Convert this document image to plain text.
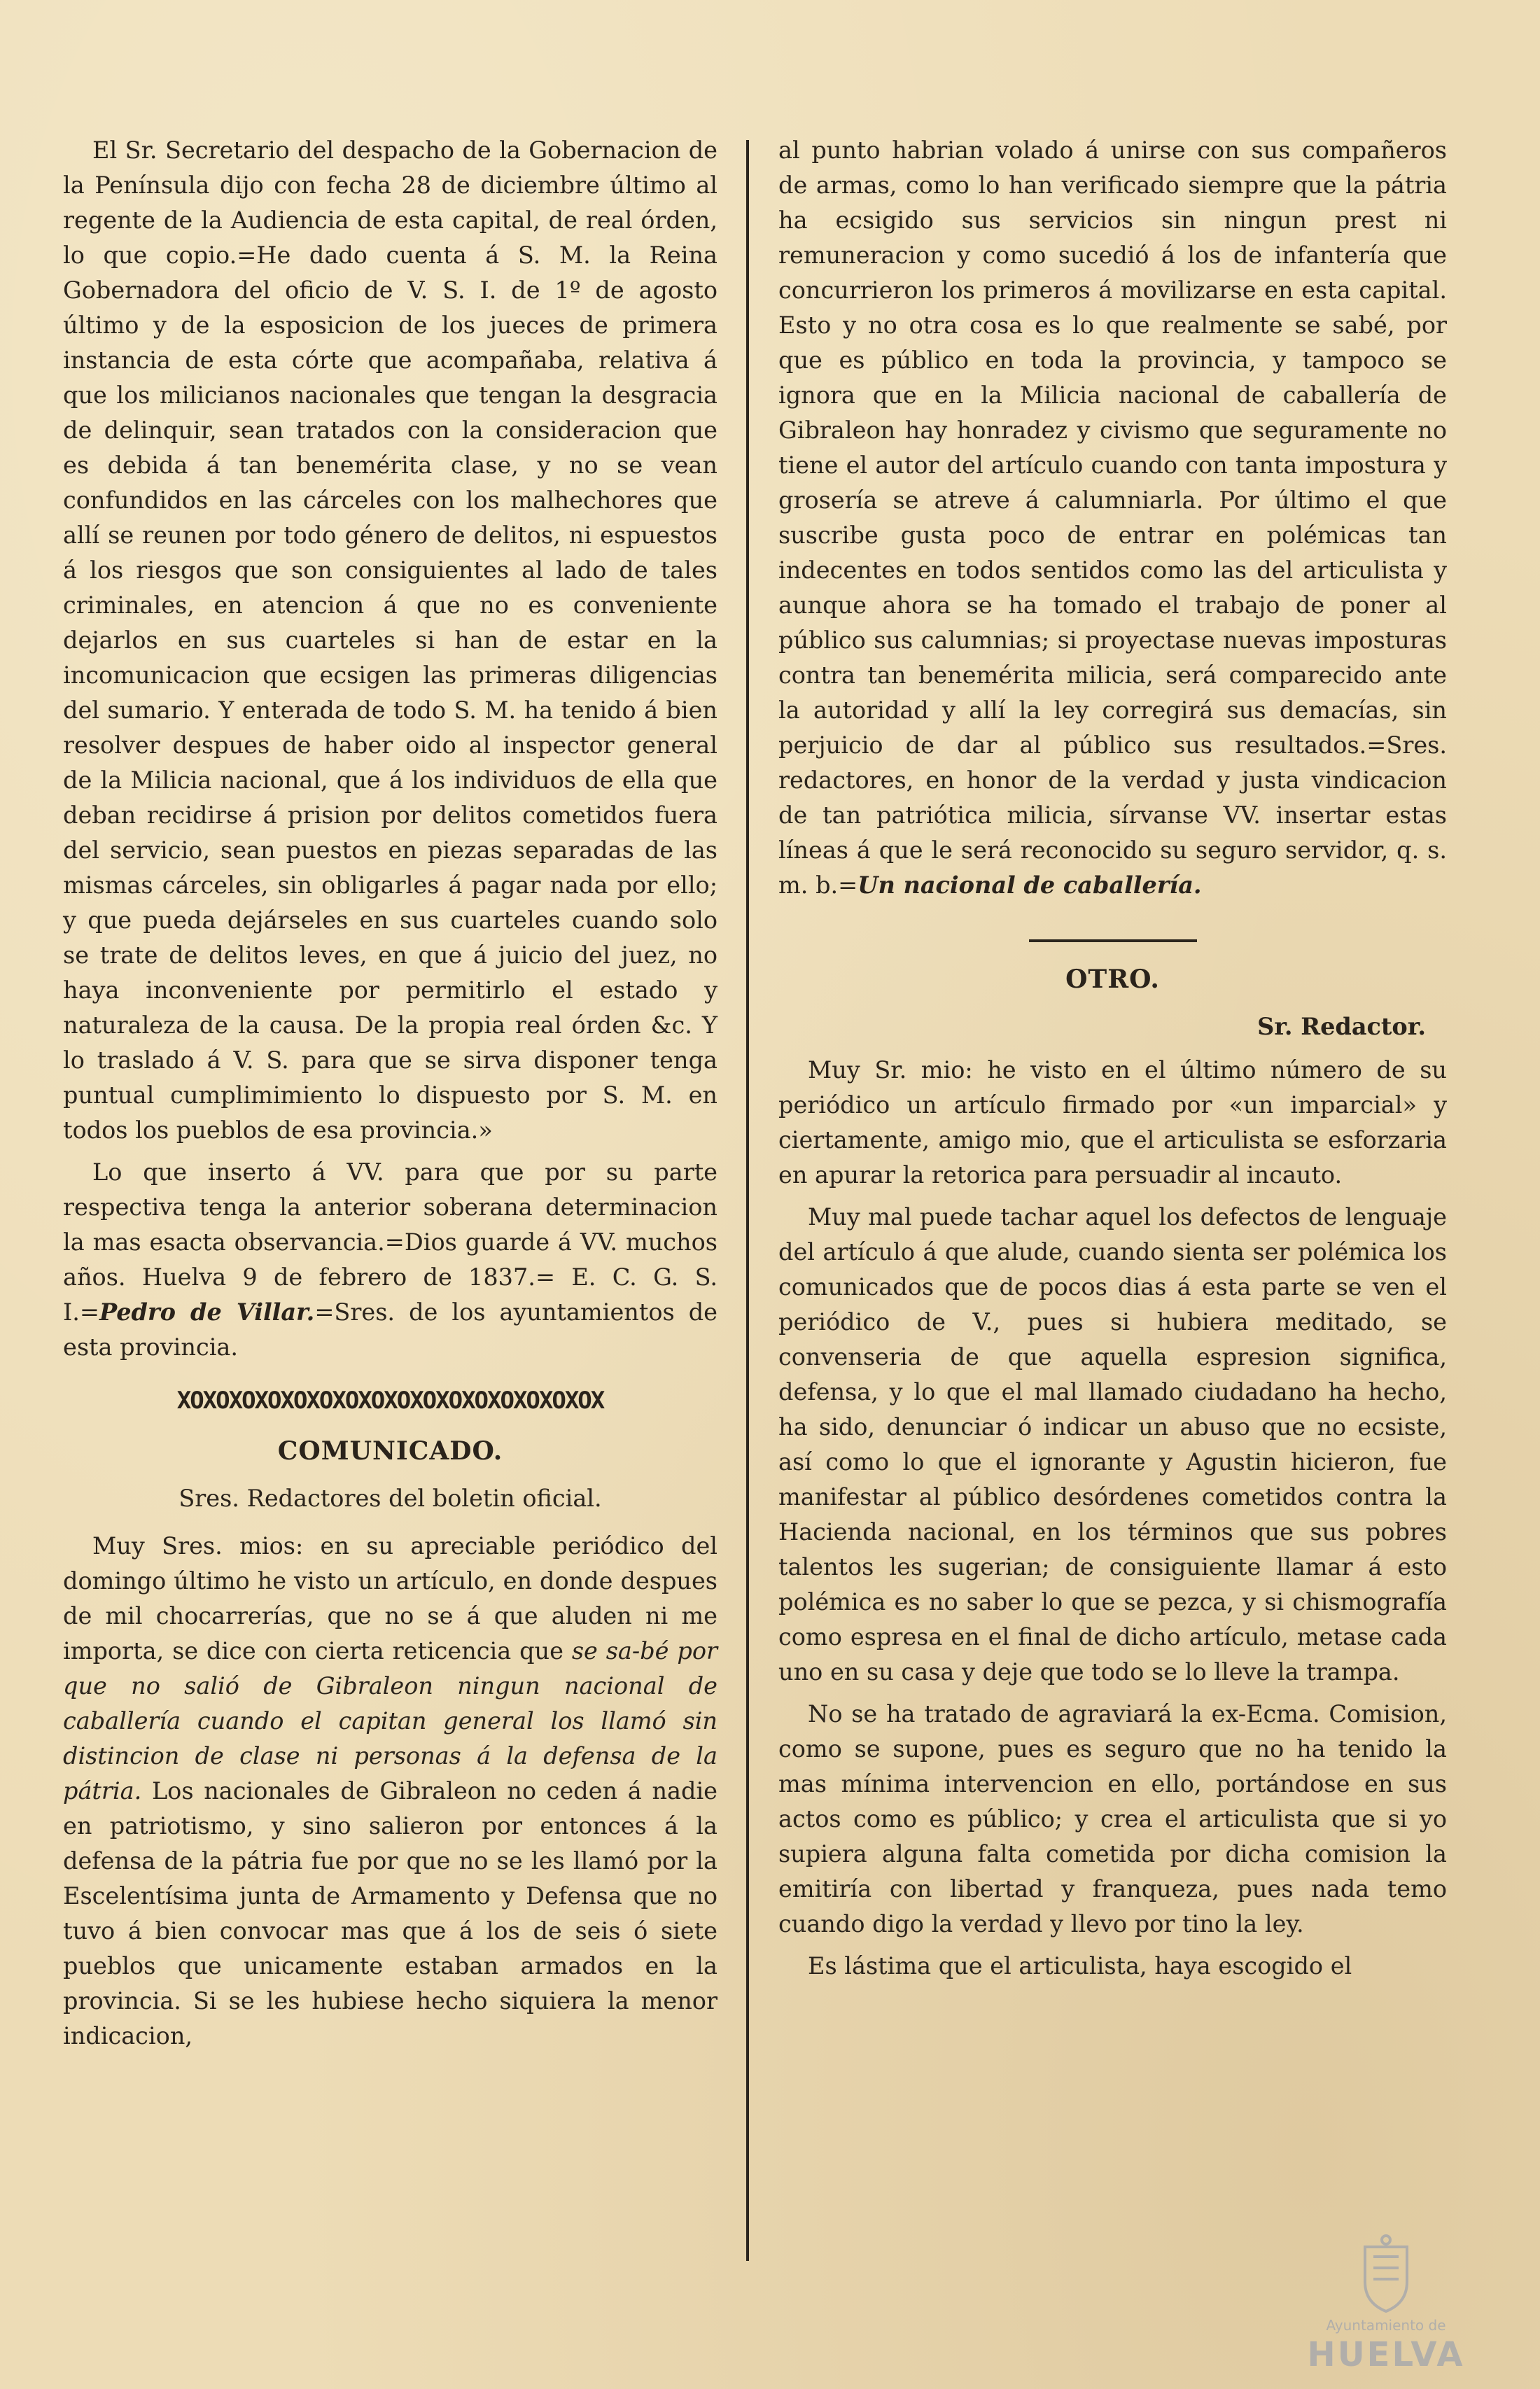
El Sr. Secretario del despacho de la Gobernacion de la Península dijo con fecha 28 de diciembre último al regente de la Audiencia de esta capital, de real órden, lo que copio.=He dado cuenta á S. M. la Reina Gobernadora del oficio de V. S. I. de 1º de agosto último y de la esposicion de los jueces de primera instancia de esta córte que acompañaba, relativa á que los milicianos nacionales que tengan la desgracia de delinquir, sean tratados con la consideracion que es debida á tan benemérita clase, y no se vean confundidos en las cárceles con los malhechores que allí se reunen por todo género de delitos, ni espuestos á los riesgos que son consiguientes al lado de tales criminales, en atencion á que no es conveniente dejarlos en sus cuarteles si han de estar en la incomunicacion que ecsigen las primeras diligencias del sumario. Y enterada de todo S. M. ha tenido á bien resolver despues de haber oido al inspector general de la Milicia nacional, que á los individuos de ella que deban recidirse á prision por delitos cometidos fuera del servicio, sean puestos en piezas separadas de las mismas cárceles, sin obligarles á pagar nada por ello; y que pueda dejárseles en sus cuarteles cuando solo se trate de delitos leves, en que á juicio del juez, no haya inconveniente por permitirlo el estado y naturaleza de la causa. De la propia real órden &c. Y lo traslado á V. S. para que se sirva disponer tenga puntual cumplimimiento lo dispuesto por S. M. en todos los pueblos de esa provincia.»

Lo que inserto á VV. para que por su parte respectiva tenga la anterior soberana determinacion la mas esacta observancia.=Dios guarde á VV. muchos años. Huelva 9 de febrero de 1837.= E. C. G. S. I.=Pedro de Villar.=Sres. de los ayuntamientos de esta provincia.

XOXOXOXOXOXOXOXOXOXOXOXOXOXOXOXOX
COMUNICADO.
Sres. Redactores del boletin oficial.

Muy Sres. mios: en su apreciable periódico del domingo último he visto un artículo, en donde despues de mil chocarrerías, que no se á que aluden ni me importa, se dice con cierta reticencia que se sa-bé por que no salió de Gibraleon ningun nacional de caballería cuando el capitan general los llamó sin distincion de clase ni personas á la defensa de la pátria. Los nacionales de Gibraleon no ceden á nadie en patriotismo, y sino salieron por entonces á la defensa de la pátria fue por que no se les llamó por la Escelentísima junta de Armamento y Defensa que no tuvo á bien convocar mas que á los de seis ó siete pueblos que unicamente estaban armados en la provincia. Si se les hubiese hecho siquiera la menor indicacion,

al punto habrian volado á unirse con sus compañeros de armas, como lo han verificado siempre que la pátria ha ecsigido sus servicios sin ningun prest ni remuneracion y como sucedió á los de infantería que concurrieron los primeros á movilizarse en esta capital. Esto y no otra cosa es lo que realmente se sabé, por que es público en toda la provincia, y tampoco se ignora que en la Milicia nacional de caballería de Gibraleon hay honradez y civismo que seguramente no tiene el autor del artículo cuando con tanta impostura y grosería se atreve á calumniarla. Por último el que suscribe gusta poco de entrar en polémicas tan indecentes en todos sentidos como las del articulista y aunque ahora se ha tomado el trabajo de poner al público sus calumnias; si proyectase nuevas imposturas contra tan benemérita milicia, será comparecido ante la autoridad y allí la ley corregirá sus demacías, sin perjuicio de dar al público sus resultados.=Sres. redactores, en honor de la verdad y justa vindicacion de tan patriótica milicia, sírvanse VV. insertar estas líneas á que le será reconocido su seguro servidor, q. s. m. b.=Un nacional de caballería.

OTRO.
Sr. Redactor.

Muy Sr. mio: he visto en el último número de su periódico un artículo firmado por «un imparcial» y ciertamente, amigo mio, que el articulista se esforzaria en apurar la retorica para persuadir al incauto.

Muy mal puede tachar aquel los defectos de lenguaje del artículo á que alude, cuando sienta ser polémica los comunicados que de pocos dias á esta parte se ven el periódico de V., pues si hubiera meditado, se convenseria de que aquella espresion significa, defensa, y lo que el mal llamado ciudadano ha hecho, ha sido, denunciar ó indicar un abuso que no ecsiste, así como lo que el ignorante y Agustin hicieron, fue manifestar al público desórdenes cometidos contra la Hacienda nacional, en los términos que sus pobres talentos les sugerian; de consiguiente llamar á esto polémica es no saber lo que se pezca, y si chismografía como espresa en el final de dicho artículo, metase cada uno en su casa y deje que todo se lo lleve la trampa.

No se ha tratado de agraviará la ex-Ecma. Comision, como se supone, pues es seguro que no ha tenido la mas mínima intervencion en ello, portándose en sus actos como es público; y crea el articulista que si yo supiera alguna falta cometida por dicha comision la emitiría con libertad y franqueza, pues nada temo cuando digo la verdad y llevo por tino la ley.

Es lástima que el articulista, haya escogido el

Ayuntamiento de
HUELVA
